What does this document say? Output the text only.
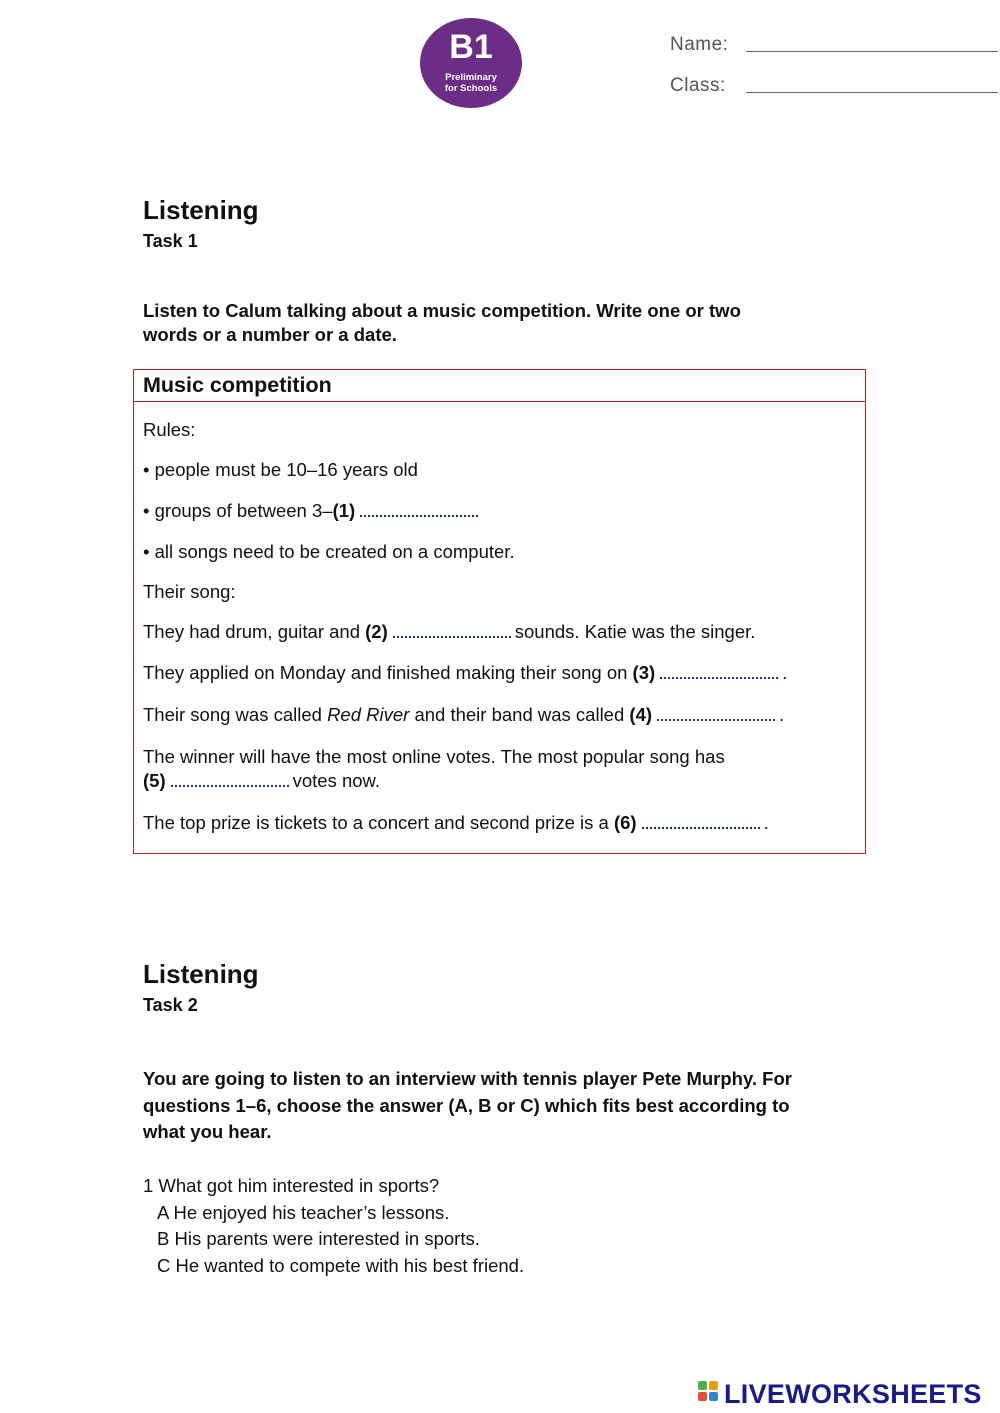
B1
Preliminary
for Schools
Name:
Class:
Listening
Task 1
Listen to Calum talking about a music competition. Write one or two
words or a number or a date.
Music competition
Rules:
• people must be 10–16 years old
• groups of between 3–(1)
• all songs need to be created on a computer.
Their song:
They had drum, guitar and (2)	sounds. Katie was the singer.
They applied on Monday and finished making their song on (3)	.
Their song was called Red River and their band was called (4)	.
The winner will have the most online votes. The most popular song has
(5)	votes now.
The top prize is tickets to a concert and second prize is a (6)	.
Listening
Task 2
You are going to listen to an interview with tennis player Pete Murphy. For
questions 1–6, choose the answer (A, B or C) which fits best according to
what you hear.
1 What got him interested in sports?
A He enjoyed his teacher’s lessons.
B His parents were interested in sports.
C He wanted to compete with his best friend.
LIVEWORKSHEETS
